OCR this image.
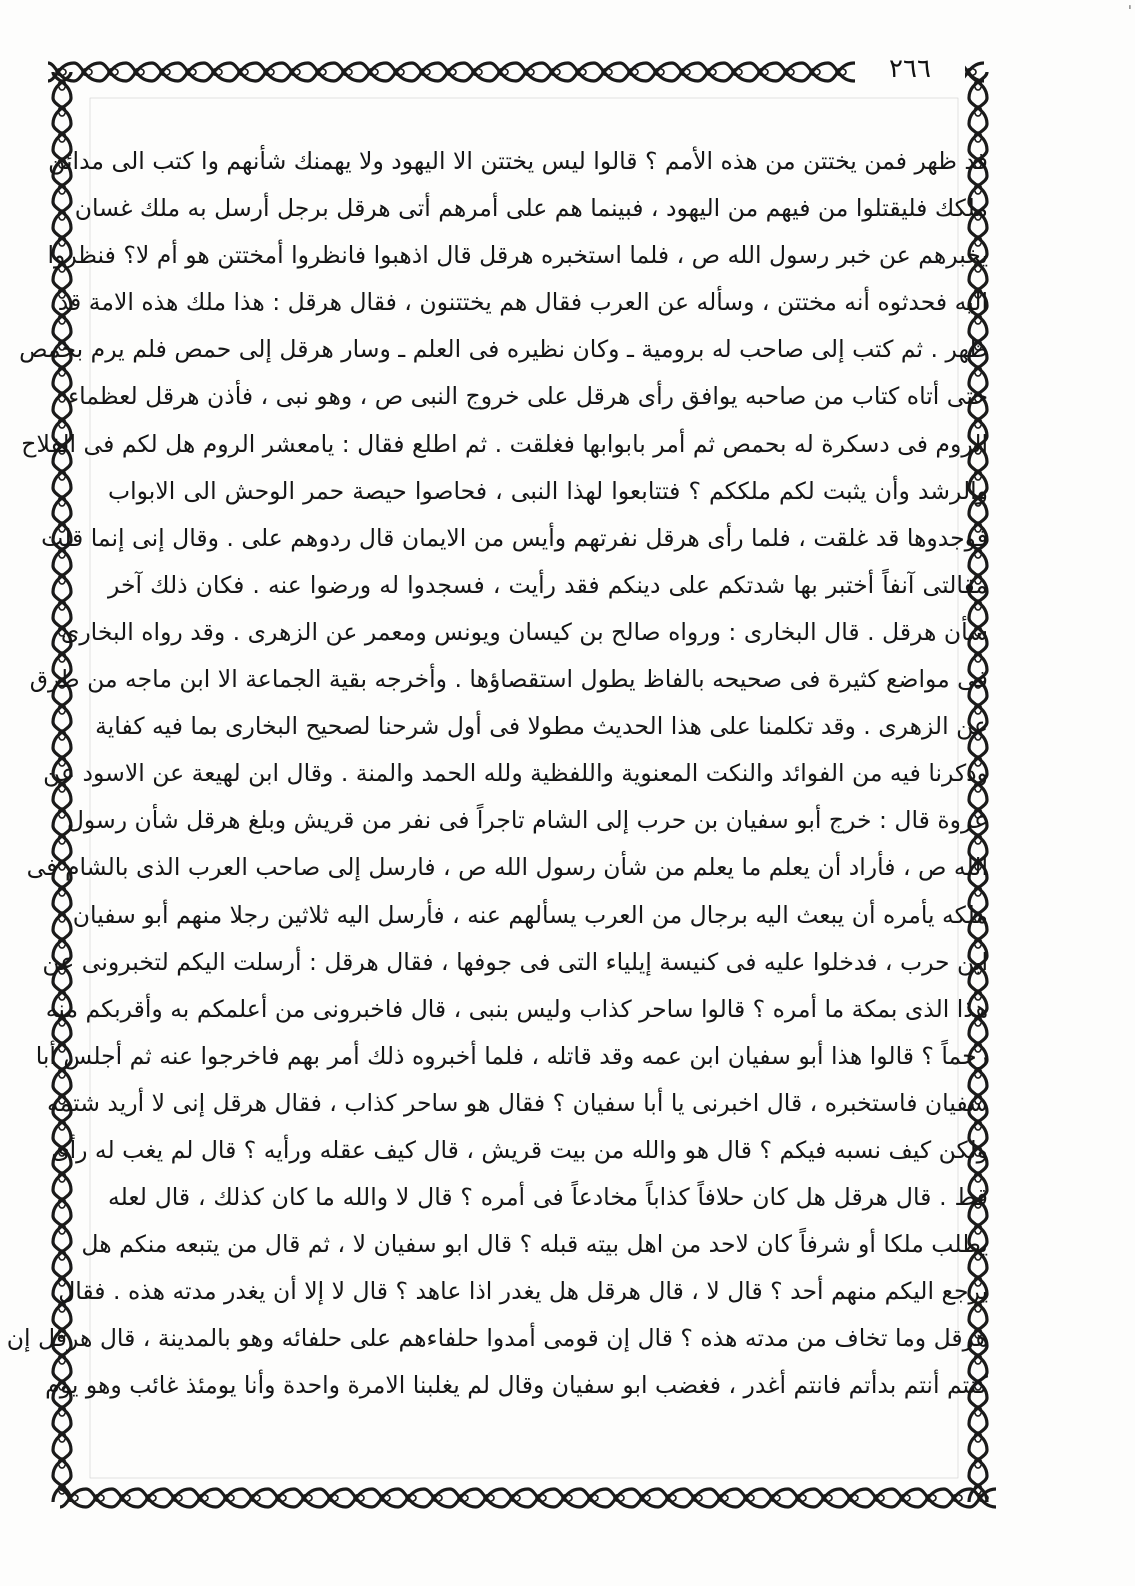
٢٦٦
قد ظهر فمن يختتن من هذه الأمم ؟ قالوا ليس يختتن الا اليهود ولا يهمنك شأنهم وا كتب الى مدائن
ملكك فليقتلوا من فيهم من اليهود ، فبينما هم على أمرهم أتى هرقل برجل أرسل به ملك غسان
يخبرهم عن خبر رسول الله ص ، فلما استخبره هرقل قال اذهبوا فانظروا أمختتن هو أم لا؟ فنظروا
اليه فحدثوه أنه مختتن ، وسأله عن العرب فقال هم يختتنون ، فقال هرقل : هذا ملك هذه الامة قد
ظهر . ثم كتب إلى صاحب له برومية ـ وكان نظيره فى العلم ـ وسار هرقل إلى حمص فلم يرم بحمص
حتى أتاه كتاب من صاحبه يوافق رأى هرقل على خروج النبى ص ، وهو نبى ، فأذن هرقل لعظماء
الروم فى دسكرة له بحمص ثم أمر بابوابها فغلقت . ثم اطلع فقال : يامعشر الروم هل لكم فى الفلاح
والرشد وأن يثبت لكم ملككم ؟ فتتابعوا لهذا النبى ، فحاصوا حيصة حمر الوحش الى الابواب
فوجدوها قد غلقت ، فلما رأى هرقل نفرتهم وأيس من الايمان قال ردوهم على . وقال إنى إنما قلت
مقالتى آنفاً أختبر بها شدتكم على دينكم فقد رأيت ، فسجدوا له ورضوا عنه . فكان ذلك آخر
شأن هرقل . قال البخارى : ورواه صالح بن كيسان ويونس ومعمر عن الزهرى . وقد رواه البخارى
فى مواضع كثيرة فى صحيحه بالفاظ يطول استقصاؤها . وأخرجه بقية الجماعة الا ابن ماجه من طرق
عن الزهرى . وقد تكلمنا على هذا الحديث مطولا فى أول شرحنا لصحيح البخارى بما فيه كفاية
وذكرنا فيه من الفوائد والنكت المعنوية واللفظية ولله الحمد والمنة . وقال ابن لهيعة عن الاسود عن
عروة قال : خرج أبو سفيان بن حرب إلى الشام تاجراً فى نفر من قريش وبلغ هرقل شأن رسول
الله ص ، فأراد أن يعلم ما يعلم من شأن رسول الله ص ، فارسل إلى صاحب العرب الذى بالشام فى
ملكه يأمره أن يبعث اليه برجال من العرب يسألهم عنه ، فأرسل اليه ثلاثين رجلا منهم أبو سفيان
ابن حرب ، فدخلوا عليه فى كنيسة إيلياء التى فى جوفها ، فقال هرقل : أرسلت اليكم لتخبرونى عن
هذا الذى بمكة ما أمره ؟ قالوا ساحر كذاب وليس بنبى ، قال فاخبرونى من أعلمكم به وأقربكم منه
رحماً ؟ قالوا هذا أبو سفيان ابن عمه وقد قاتله ، فلما أخبروه ذلك أمر بهم فاخرجوا عنه ثم أجلس أبا
سفيان فاستخبره ، قال اخبرنى يا أبا سفيان ؟ فقال هو ساحر كذاب ، فقال هرقل إنى لا أريد شتمه
ولكن كيف نسبه فيكم ؟ قال هو والله من بيت قريش ، قال كيف عقله ورأيه ؟ قال لم يغب له رأى
قط . قال هرقل هل كان حلافاً كذاباً مخادعاً فى أمره ؟ قال لا والله ما كان كذلك ، قال لعله
يطلب ملكا أو شرفاً كان لاحد من اهل بيته قبله ؟ قال ابو سفيان لا ، ثم قال من يتبعه منكم هل
يرجع اليكم منهم أحد ؟ قال لا ، قال هرقل هل يغدر اذا عاهد ؟ قال لا إلا أن يغدر مدته هذه . فقال
هرقل وما تخاف من مدته هذه ؟ قال إن قومى أمدوا حلفاءهم على حلفائه وهو بالمدينة ، قال هرقل إن
كنتم أنتم بدأتم فانتم أغدر ، فغضب ابو سفيان وقال لم يغلبنا الامرة واحدة وأنا يومئذ غائب وهو يوم
ˈ
